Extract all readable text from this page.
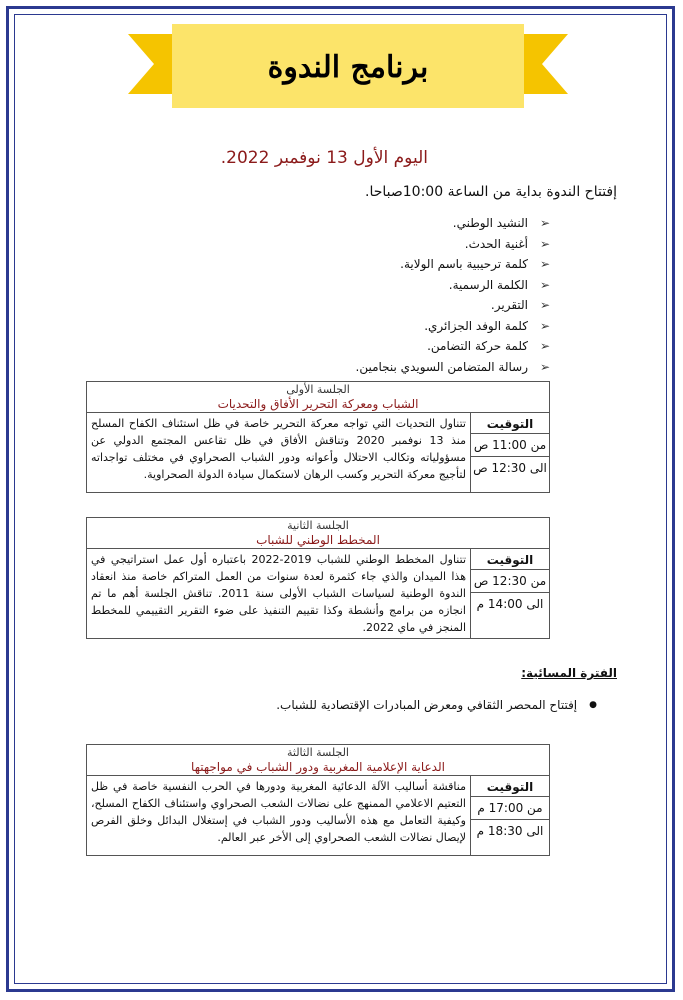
برنامج الندوة
اليوم الأول 13 نوفمبر 2022.
إفتتاح الندوة بداية من الساعة 10:00صباحا.
➢
النشيد الوطني.
➢
أغنية الحدث.
➢
كلمة ترحيبية باسم الولاية.
➢
الكلمة الرسمية.
➢
التقرير.
➢
كلمة الوفد الجزائري.
➢
كلمة حركة التضامن.
➢
رسالة المتضامن السويدي بنجامين.
الجلسة الأولى
الشباب ومعركة التحرير الأفاق والتحديات

التوقيت
من 11:00 ص
الى 12:30 ص
	تتناول التحديات التي تواجه معركة التحرير خاصة في ظل استئناف الكفاح المسلح منذ 13 نوفمبر 2020 وتناقش الأفاق في ظل تقاعس المجتمع الدولي عن مسؤولياته وتكالب الاحتلال وأعوانه ودور الشباب الصحراوي في مختلف تواجداته لتأجيج معركة التحرير وكسب الرهان لاستكمال سيادة الدولة الصحراوية.
الجلسة الثانية
المخطط الوطني للشباب

التوقيت
من 12:30 ص
الى 14:00 م
	تتناول المخطط الوطني للشباب 2019-2022 باعتباره أول عمل استراتيجي في هذا الميدان والذي جاء كثمرة لعدة سنوات من العمل المتراكم خاصة منذ انعقاد الندوة الوطنية لسياسات الشباب الأولى سنة 2011. تناقش الجلسة أهم ما تم انجازه من برامج وأنشطة وكذا تقييم التنفيذ على ضوء التقرير التقييمي للمخطط المنجز في ماي 2022.
الفترة المسائية:
●
إفتتاح المحصر الثقافي ومعرض المبادرات الإقتصادية للشباب.
الجلسة الثالثة
الدعاية الإعلامية المغربية ودور الشباب في مواجهتها

التوقيت
من 17:00 م
الى 18:30 م
	مناقشة أساليب الآلة الدعائية المغربية ودورها في الحرب النفسية خاصة في ظل التعتيم الاعلامي الممنهج على نضالات الشعب الصحراوي واستئناف الكفاح المسلح، وكيفية التعامل مع هذه الأساليب ودور الشباب في إستغلال البدائل وخلق الفرص لإيصال نضالات الشعب الصحراوي إلى الأخر عبر العالم.
